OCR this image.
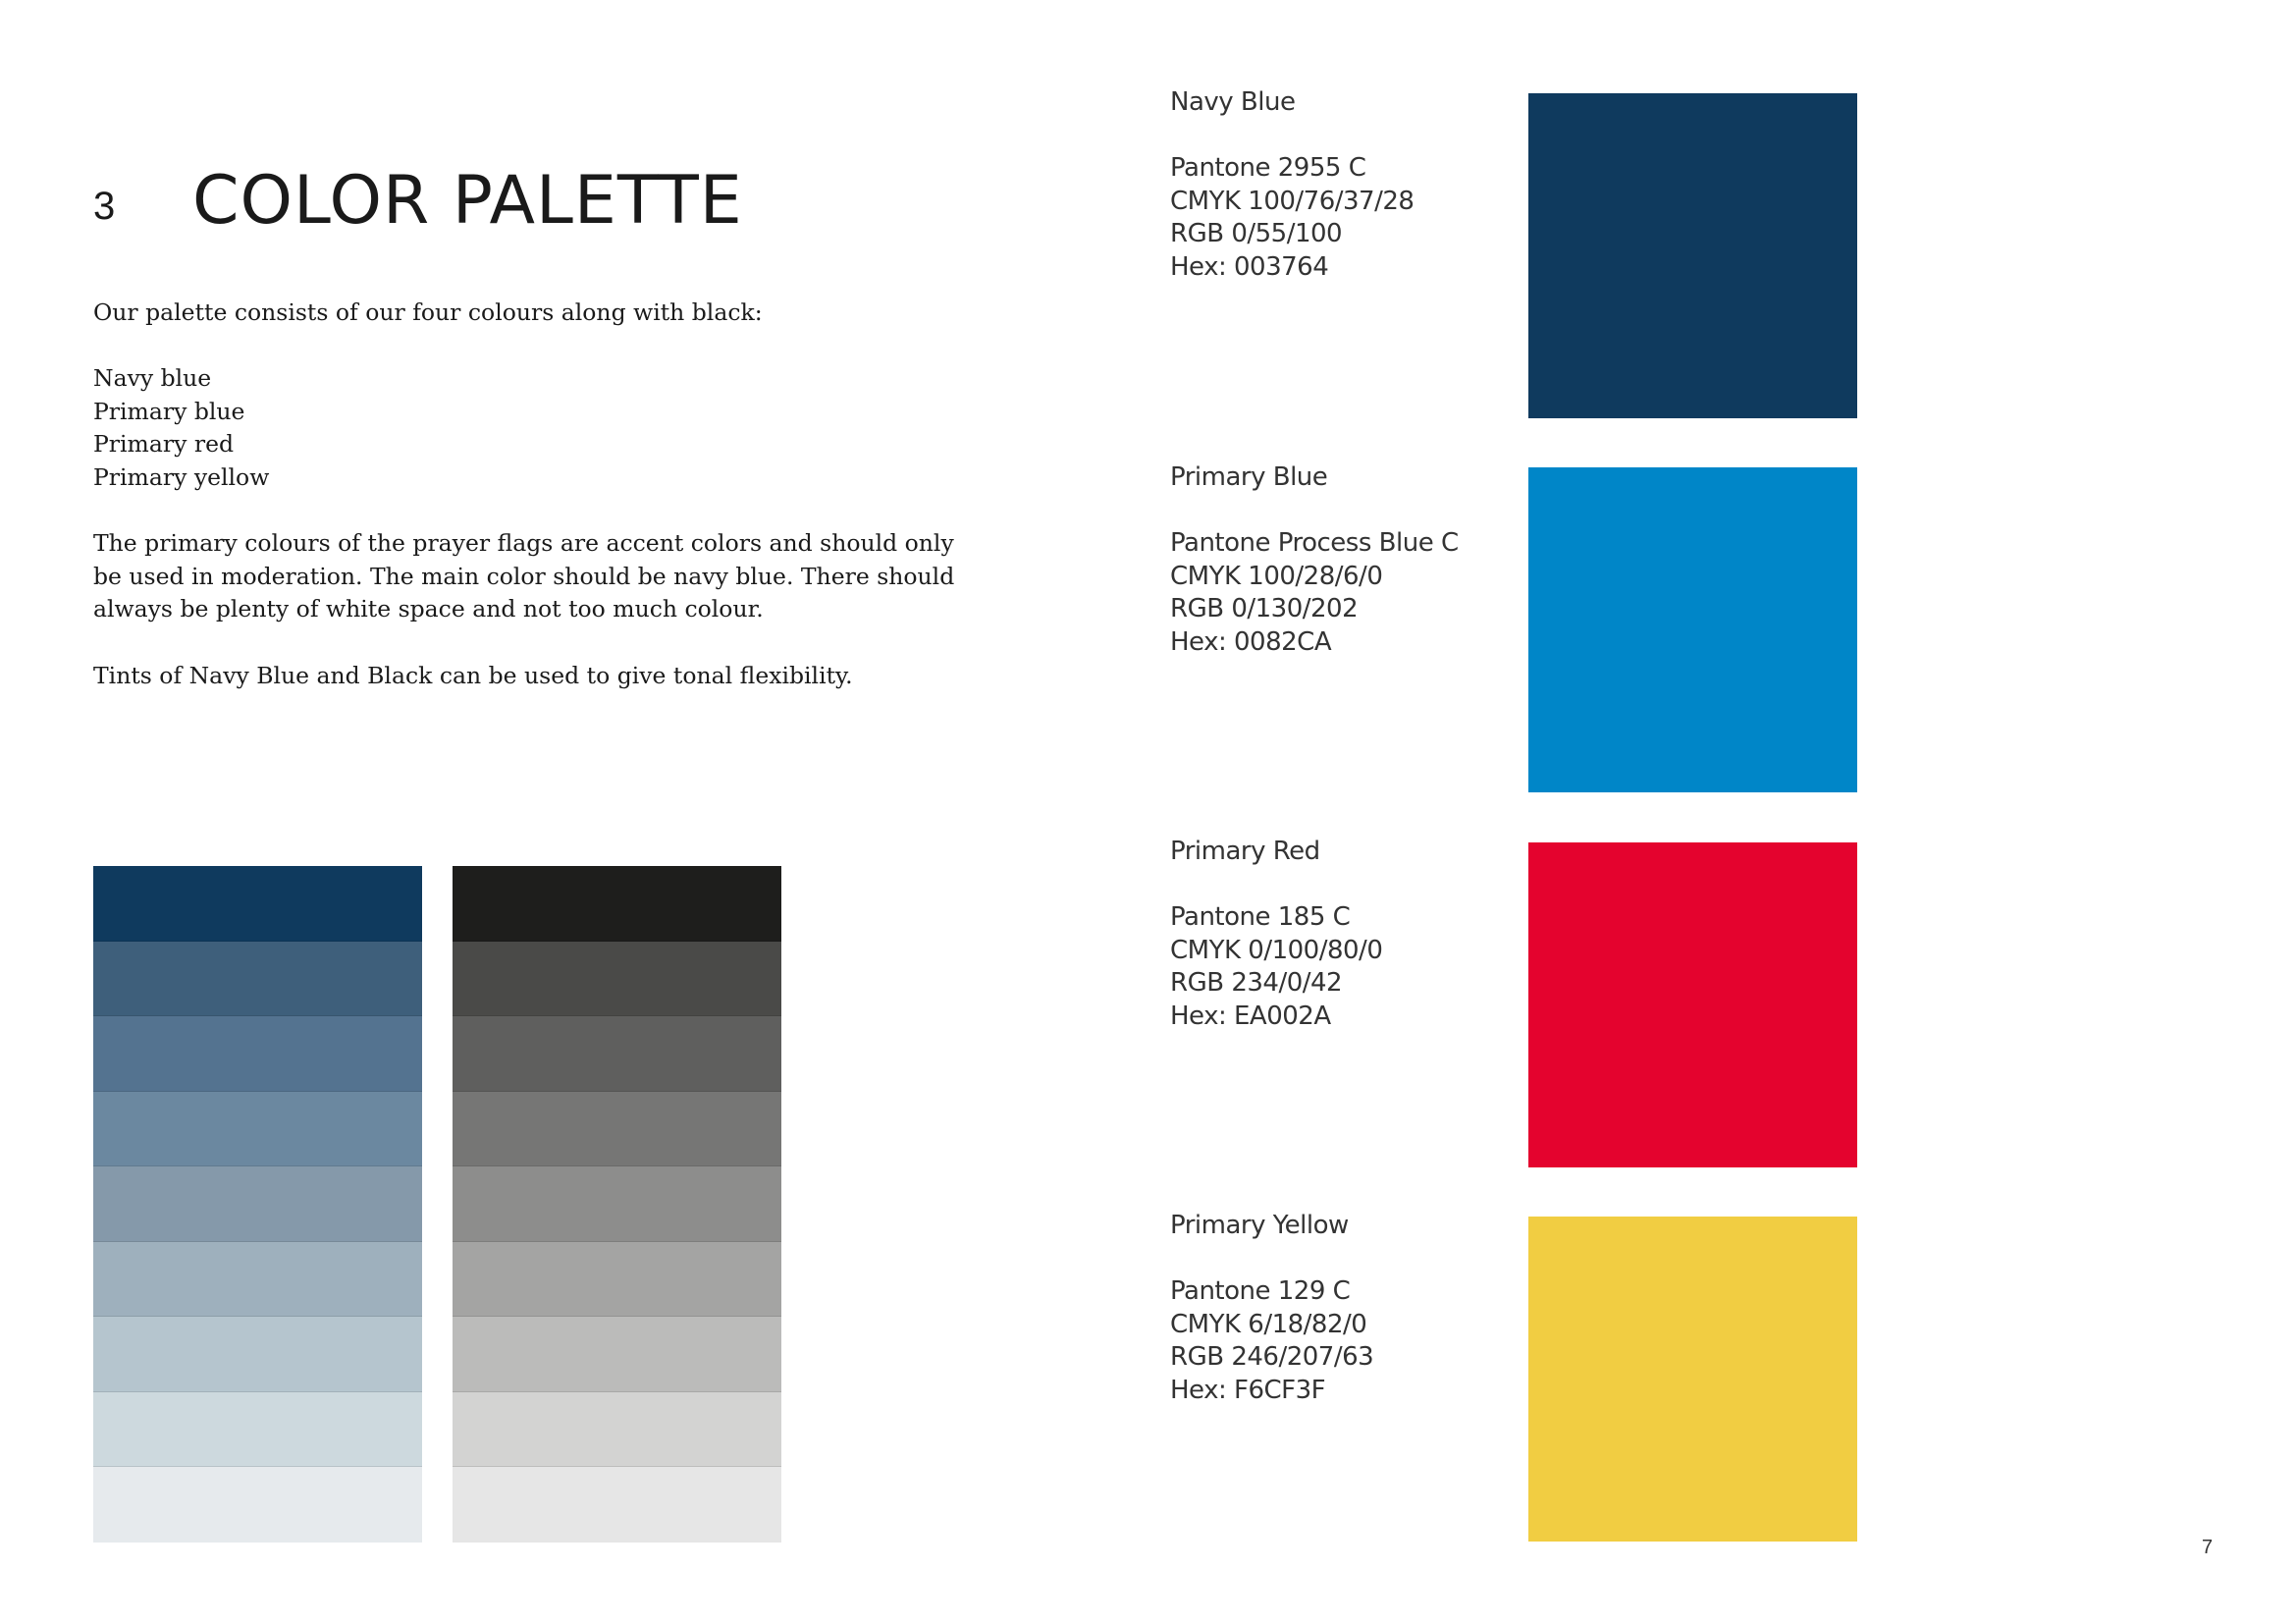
3 COLOR PALETTE

Our palette consists of our four colours along with black:

Navy blue
Primary blue
Primary red
Primary yellow

The primary colours of the prayer flags are accent colors and should only be used in moderation. The main color should be navy blue. There should always be plenty of white space and not too much colour.

Tints of Navy Blue and Black can be used to give tonal flexibility.

Navy Blue
Pantone 2955 C
CMYK 100/76/37/28
RGB 0/55/100
Hex: 003764
Primary Blue
Pantone Process Blue C
CMYK 100/28/6/0
RGB 0/130/202
Hex: 0082CA
Primary Red
Pantone 185 C
CMYK 0/100/80/0
RGB 234/0/42
Hex: EA002A
Primary Yellow
Pantone 129 C
CMYK 6/18/82/0
RGB 246/207/63
Hex: F6CF3F
7
